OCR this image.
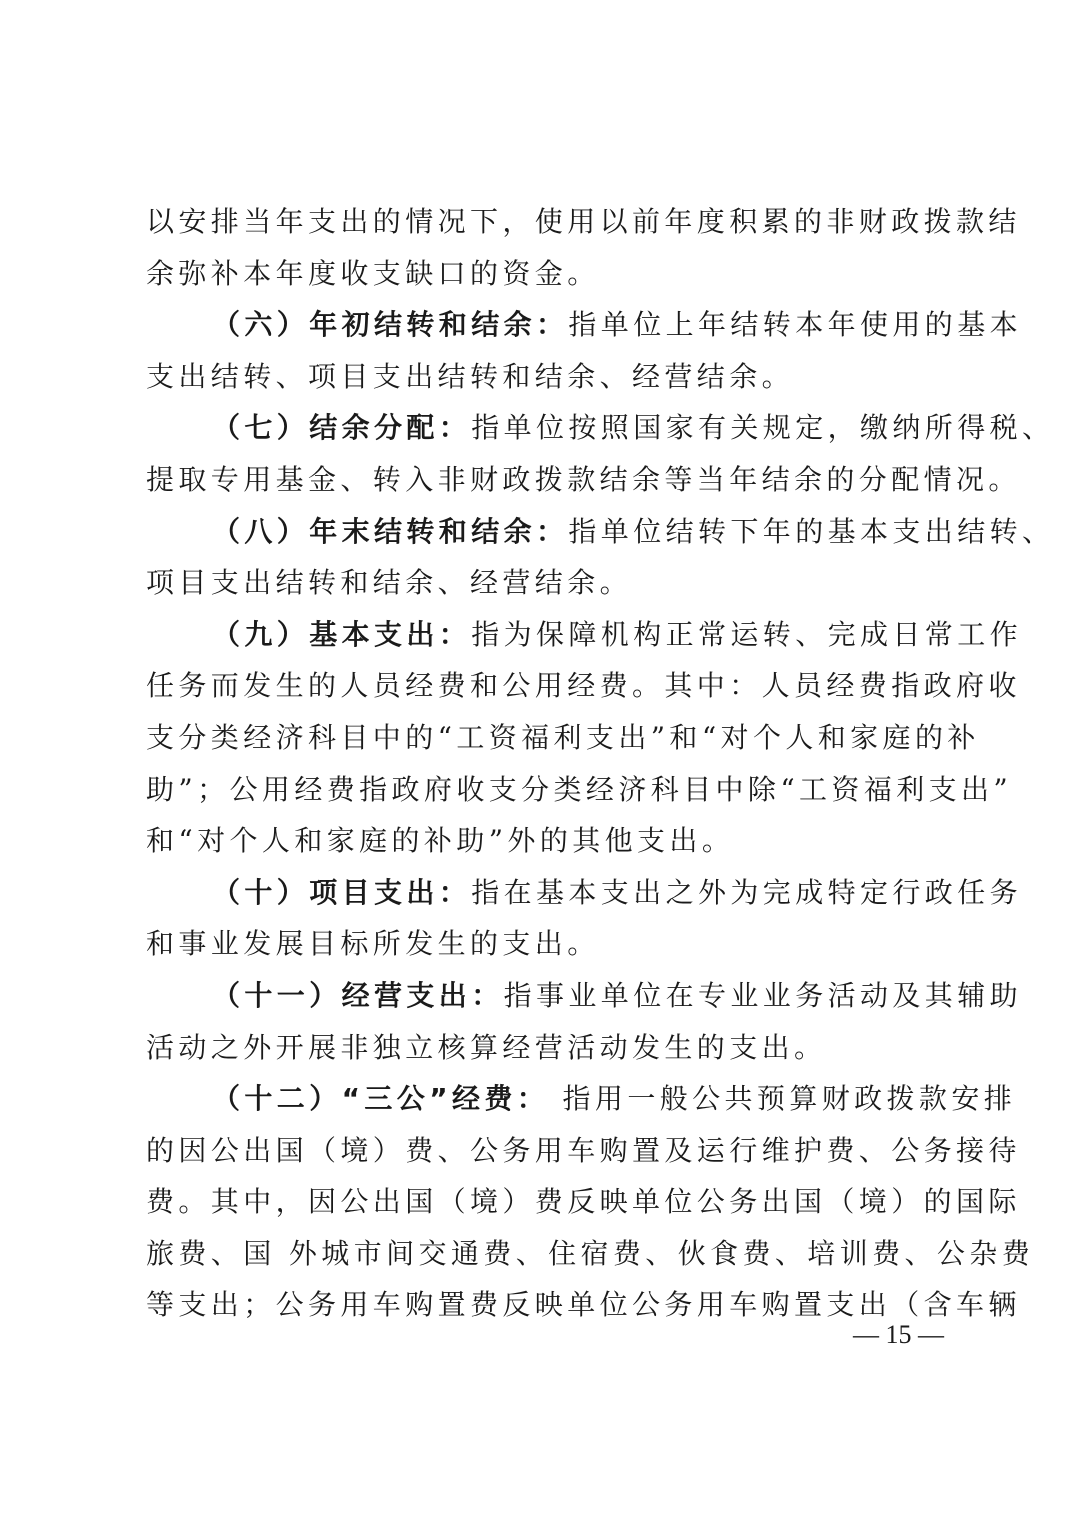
以安排当年支出的情况下，使用以前年度积累的非财政拨款结
余弥补本年度收支缺口的资金。
（六）年初结转和结余：指单位上年结转本年使用的基本
支出结转、项目支出结转和结余、经营结余。
（七）结余分配：指单位按照国家有关规定，缴纳所得税、
提取专用基金、转入非财政拨款结余等当年结余的分配情况。
（八）年末结转和结余：指单位结转下年的基本支出结转、
项目支出结转和结余、经营结余。
（九）基本支出：指为保障机构正常运转、完成日常工作
任务而发生的人员经费和公用经费。其中：人员经费指政府收
支分类经济科目中的“工资福利支出”和“对个人和家庭的补
助”；公用经费指政府收支分类经济科目中除“工资福利支出”
和“对个人和家庭的补助”外的其他支出。
（十）项目支出：指在基本支出之外为完成特定行政任务
和事业发展目标所发生的支出。
（十一）经营支出：指事业单位在专业业务活动及其辅助
活动之外开展非独立核算经营活动发生的支出。
（十二）“三公”经费： 指用一般公共预算财政拨款安排
的因公出国（境）费、公务用车购置及运行维护费、公务接待
费。其中，因公出国（境）费反映单位公务出国（境）的国际
旅费、国 外城市间交通费、住宿费、伙食费、培训费、公杂费
等支出；公务用车购置费反映单位公务用车购置支出（含车辆
— 15 —
